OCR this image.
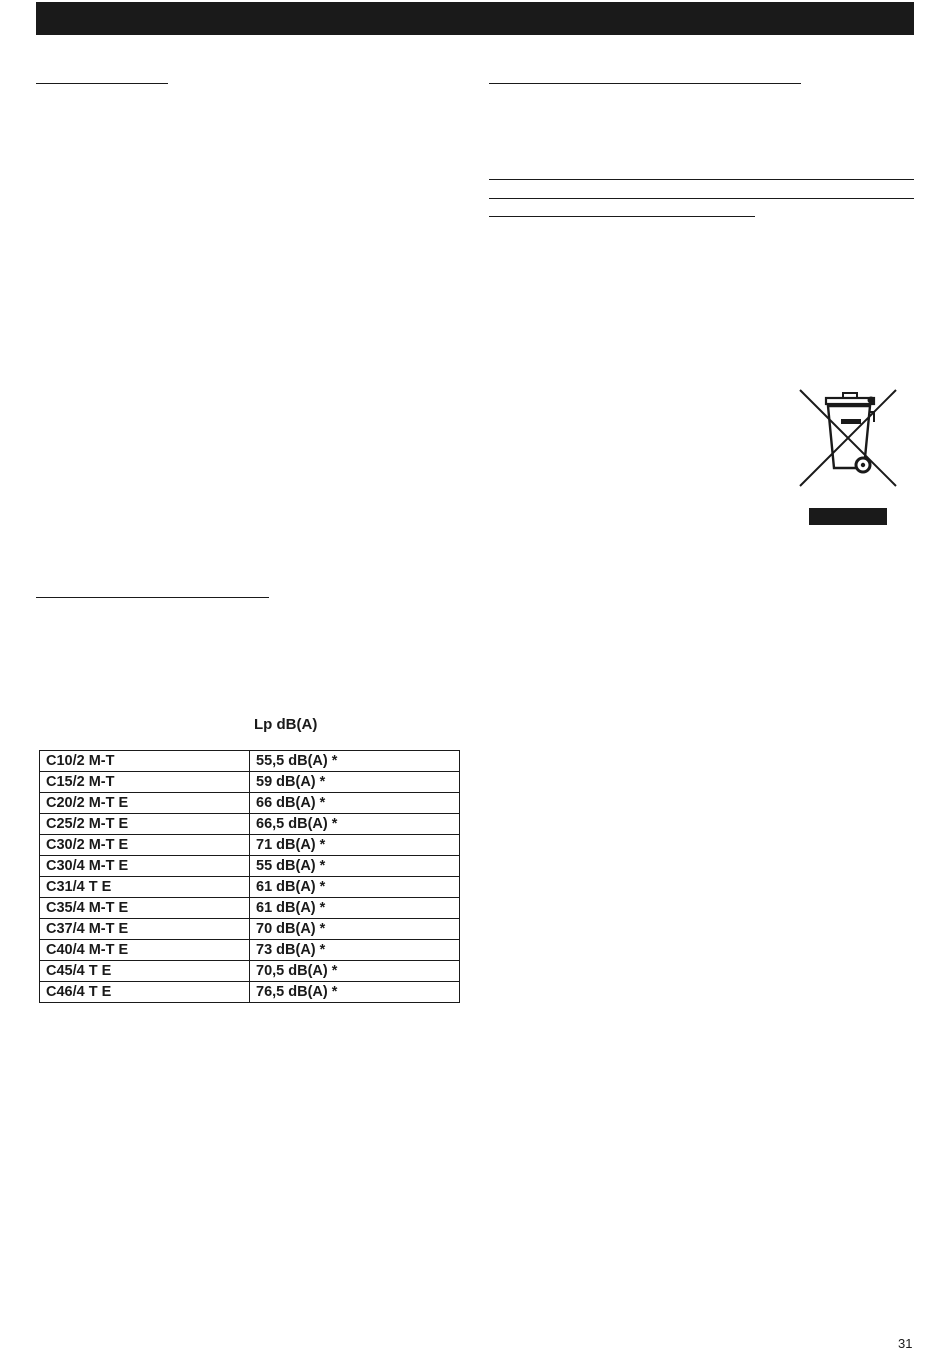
Lp dB(A)
C10/2 M-T	55,5 dB(A) *
C15/2 M-T	59 dB(A) *
C20/2 M-T E	66 dB(A) *
C25/2 M-T E	66,5 dB(A) *
C30/2 M-T E	71 dB(A) *
C30/4 M-T E	55 dB(A) *
C31/4 T E	61 dB(A) *
C35/4 M-T E	61 dB(A) *
C37/4 M-T E	70 dB(A) *
C40/4 M-T E	73 dB(A) *
C45/4 T E	70,5 dB(A) *
C46/4 T E	76,5 dB(A) *
31
